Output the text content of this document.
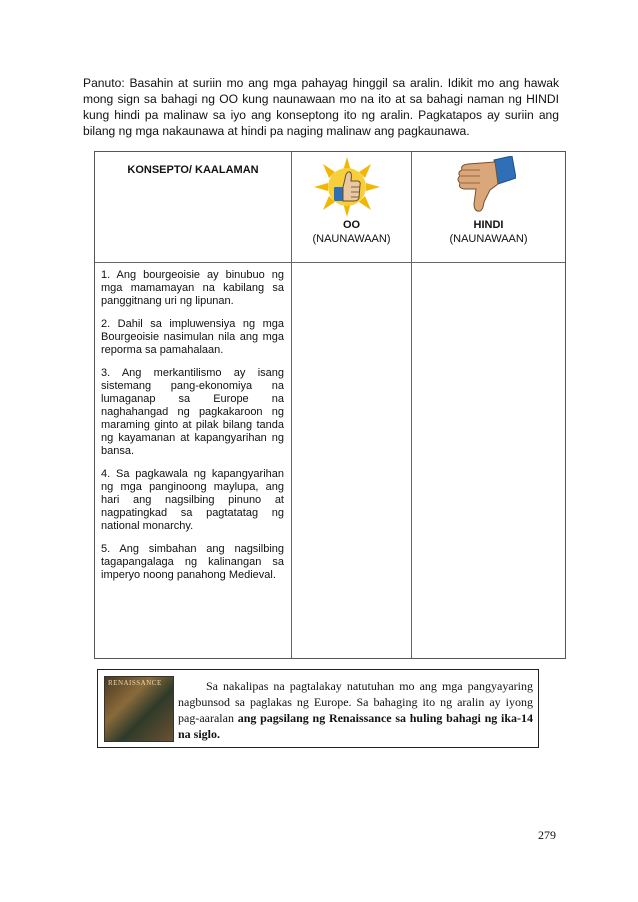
Panuto: Basahin at suriin mo ang mga pahayag hinggil sa aralin. Idikit mo ang hawak mong sign sa bahagi ng OO kung naunawaan mo na ito at sa bahagi naman ng HINDI kung hindi pa malinaw sa iyo ang konseptong ito ng aralin. Pagkatapos ay suriin ang bilang ng mga nakaunawa at hindi pa naging malinaw ang pagkaunawa.

KONSEPTO/ KAALAMAN

OO
(NAUNAWAAN)
HINDI
(NAUNAWAAN)
1. Ang bourgeoisie ay binubuo ng mga mamamayan na kabilang sa panggitnang uri ng lipunan.
2. Dahil sa impluwensiya ng mga Bourgeoisie nasimulan nila ang mga reporma sa pamahalaan.
3. Ang merkantilismo ay isang sistemang pang-ekonomiya na lumaganap sa Europe na naghahangad ng pagkakaroon ng maraming ginto at pilak bilang tanda ng kayamanan at kapangyarihan ng bansa.
4. Sa pagkawala ng kapangyarihan ng mga panginoong maylupa, ang hari ang nagsilbing pinuno at nagpatingkad sa pagtatatag ng national monarchy.
5. Ang simbahan ang nagsilbing tagapangalaga ng kalinangan sa imperyo noong panahong Medieval.
RENAISSANCE	Sa nakalipas na pagtalakay natutuhan mo ang mga pangyayaring nagbunsod sa paglakas ng Europe. Sa bahaging ito ng aralin ay iyong pag-aaralan ang pagsilang ng Renaissance sa huling bahagi ng ika-14 na siglo.

279
